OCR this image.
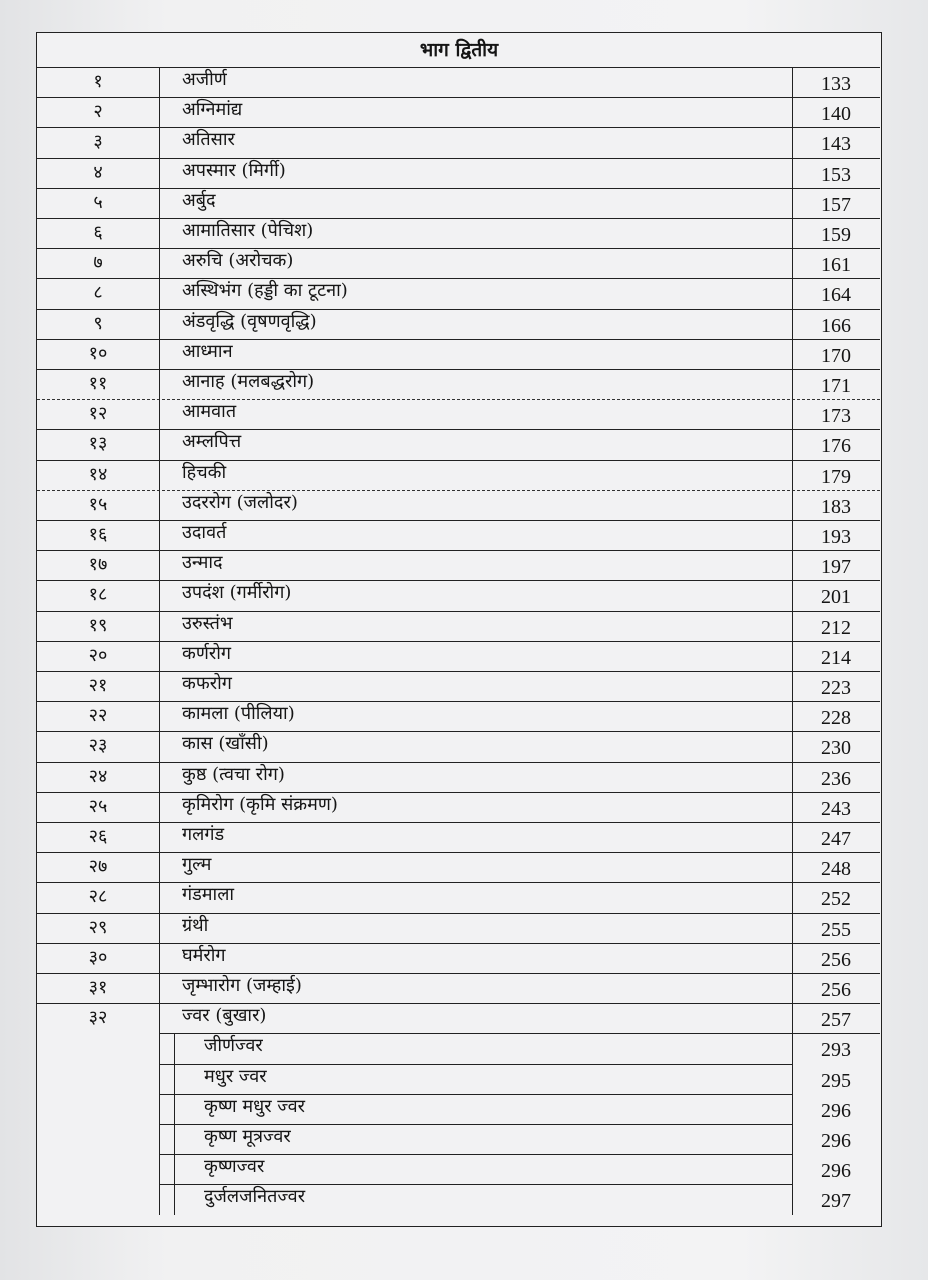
भाग द्वितीय
१	अजीर्ण	133
२	अग्निमांद्य	140
३	अतिसार	143
४	अपस्मार (मिर्गी)	153
५	अर्बुद	157
६	आमातिसार (पेचिश)	159
७	अरुचि (अरोचक)	161
८	अस्थिभंग (हड्डी का टूटना)	164
९	अंडवृद्धि (वृषणवृद्धि)	166
१०	आध्मान	170
११	आनाह (मलबद्धरोग)	171
१२	आमवात	173
१३	अम्लपित्त	176
१४	हिचकी	179
१५	उदररोग (जलोदर)	183
१६	उदावर्त	193
१७	उन्माद	197
१८	उपदंश (गर्मीरोग)	201
१९	उरुस्तंभ	212
२०	कर्णरोग	214
२१	कफरोग	223
२२	कामला (पीलिया)	228
२३	कास (खाँसी)	230
२४	कुष्ठ (त्वचा रोग)	236
२५	कृमिरोग (कृमि संक्रमण)	243
२६	गलगंड	247
२७	गुल्म	248
२८	गंडमाला	252
२९	ग्रंथी	255
३०	घर्मरोग	256
३१	जृम्भारोग (जम्हाई)	256
३२	ज्वर (बुखार)	257
जीर्णज्वर	293
मधुर ज्वर	295
कृष्ण मधुर ज्वर	296
कृष्ण मूत्रज्वर	296
कृष्णज्वर	296
दुर्जलजनितज्वर	297
